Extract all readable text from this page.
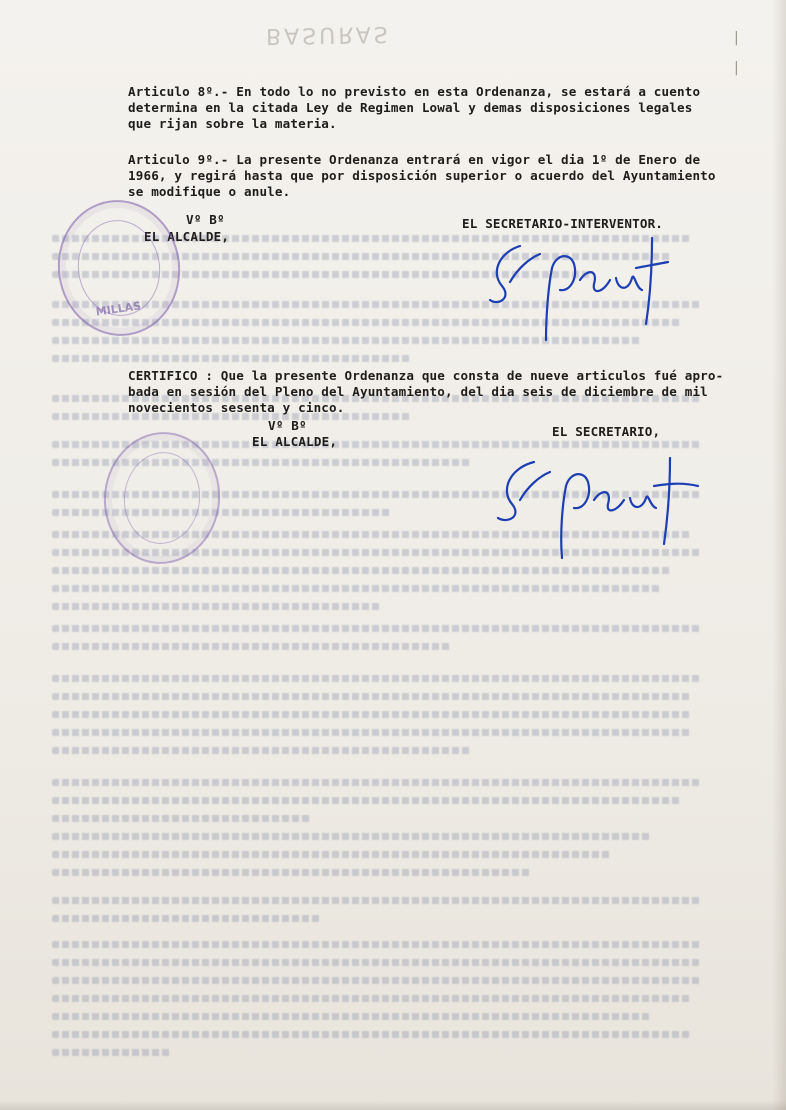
BASURAS
Articulo 8º.- En todo lo no previsto en esta Ordenanza, se estará a cuento
determina en la citada Ley de Regimen Lowal y demas disposiciones legales
que rijan sobre la materia.
Articulo 9º.- La presente Ordenanza entrará en vigor el dia 1º de Enero de
1966, y regirá hasta que por disposición superior o acuerdo del Ayuntamiento
se modifique o anule.
Vº Bº
EL ALCALDE,
EL SECRETARIO-INTERVENTOR.
MILLAS
CERTIFICO : Que la presente Ordenanza que consta de nueve articulos fué apro-
bada en sesión del Pleno del Ayuntamiento, del dia seis de diciembre de mil
novecientos sesenta y cinco.
Vº Bº
EL ALCALDE,
EL SECRETARIO,
|
|
